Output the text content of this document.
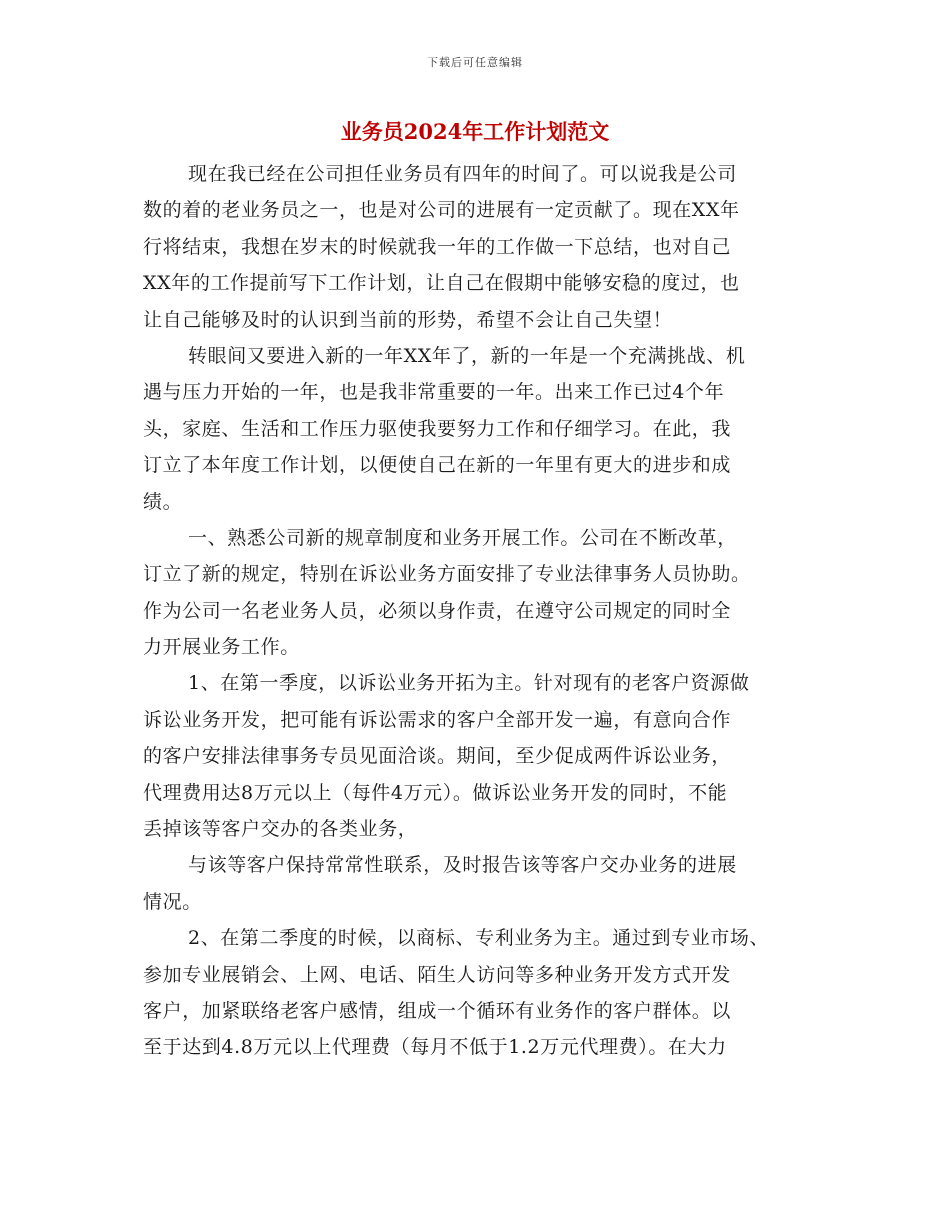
下载后可任意编辑
业务员2024年工作计划范文
现在我已经在公司担任业务员有四年的时间了。可以说我是公司
数的着的老业务员之一，也是对公司的进展有一定贡献了。现在XX年
行将结束，我想在岁末的时候就我一年的工作做一下总结，也对自己
XX年的工作提前写下工作计划，让自己在假期中能够安稳的度过，也
让自己能够及时的认识到当前的形势，希望不会让自己失望！
转眼间又要进入新的一年XX年了，新的一年是一个充满挑战、机
遇与压力开始的一年，也是我非常重要的一年。出来工作已过4个年
头，家庭、生活和工作压力驱使我要努力工作和仔细学习。在此，我
订立了本年度工作计划，以便使自己在新的一年里有更大的进步和成
绩。
一、熟悉公司新的规章制度和业务开展工作。公司在不断改革，
订立了新的规定，特别在诉讼业务方面安排了专业法律事务人员协助。
作为公司一名老业务人员，必须以身作责，在遵守公司规定的同时全
力开展业务工作。
1、在第一季度，以诉讼业务开拓为主。针对现有的老客户资源做
诉讼业务开发，把可能有诉讼需求的客户全部开发一遍，有意向合作
的客户安排法律事务专员见面洽谈。期间，至少促成两件诉讼业务，
代理费用达8万元以上（每件4万元）。做诉讼业务开发的同时，不能
丢掉该等客户交办的各类业务，
与该等客户保持常常性联系，及时报告该等客户交办业务的进展
情况。
2、在第二季度的时候，以商标、专利业务为主。通过到专业市场、
参加专业展销会、上网、电话、陌生人访问等多种业务开发方式开发
客户，加紧联络老客户感情，组成一个循环有业务作的客户群体。以
至于达到4.8万元以上代理费（每月不低于1.2万元代理费）。在大力
